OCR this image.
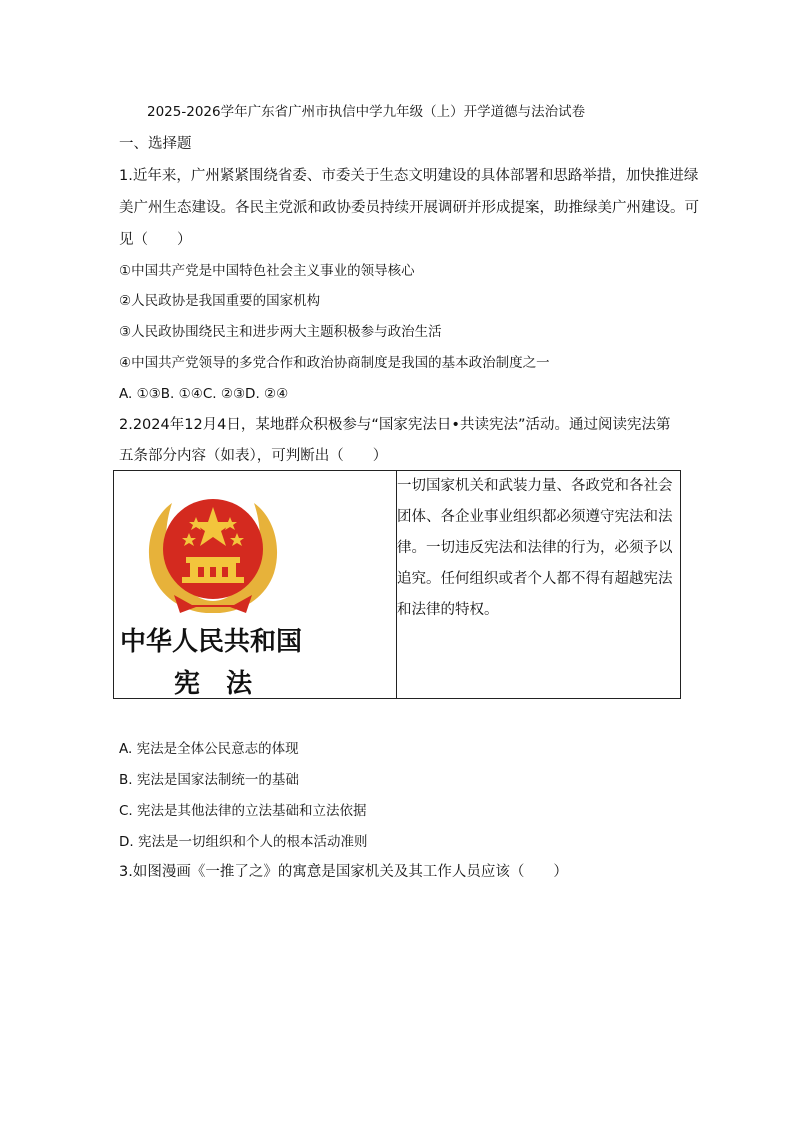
2025-2026学年广东省广州市执信中学九年级（上）开学道德与法治试卷
一、选择题
1.近年来，广州紧紧围绕省委、市委关于生态文明建设的具体部署和思路举措，加快推进绿
美广州生态建设。各民主党派和政协委员持续开展调研并形成提案，助推绿美广州建设。可
见（　　）
①中国共产党是中国特色社会主义事业的领导核心
②人民政协是我国重要的国家机构
③人民政协围绕民主和进步两大主题积极参与政治生活
④中国共产党领导的多党合作和政治协商制度是我国的基本政治制度之一
A. ①③B. ①④C. ②③D. ②④
2.2024年12月4日，某地群众积极参与“国家宪法日•共读宪法”活动。通过阅读宪法第
五条部分内容（如表），可判断出（　　）
中华人民共和国
宪　法

一切国家机关和武装力量、各政党和各社会
团体、各企业事业组织都必须遵守宪法和法
律。一切违反宪法和法律的行为，必须予以
追究。任何组织或者个人都不得有超越宪法
和法律的特权。
A. 宪法是全体公民意志的体现
B. 宪法是国家法制统一的基础
C. 宪法是其他法律的立法基础和立法依据
D. 宪法是一切组织和个人的根本活动准则
3.如图漫画《一推了之》的寓意是国家机关及其工作人员应该（　　）
